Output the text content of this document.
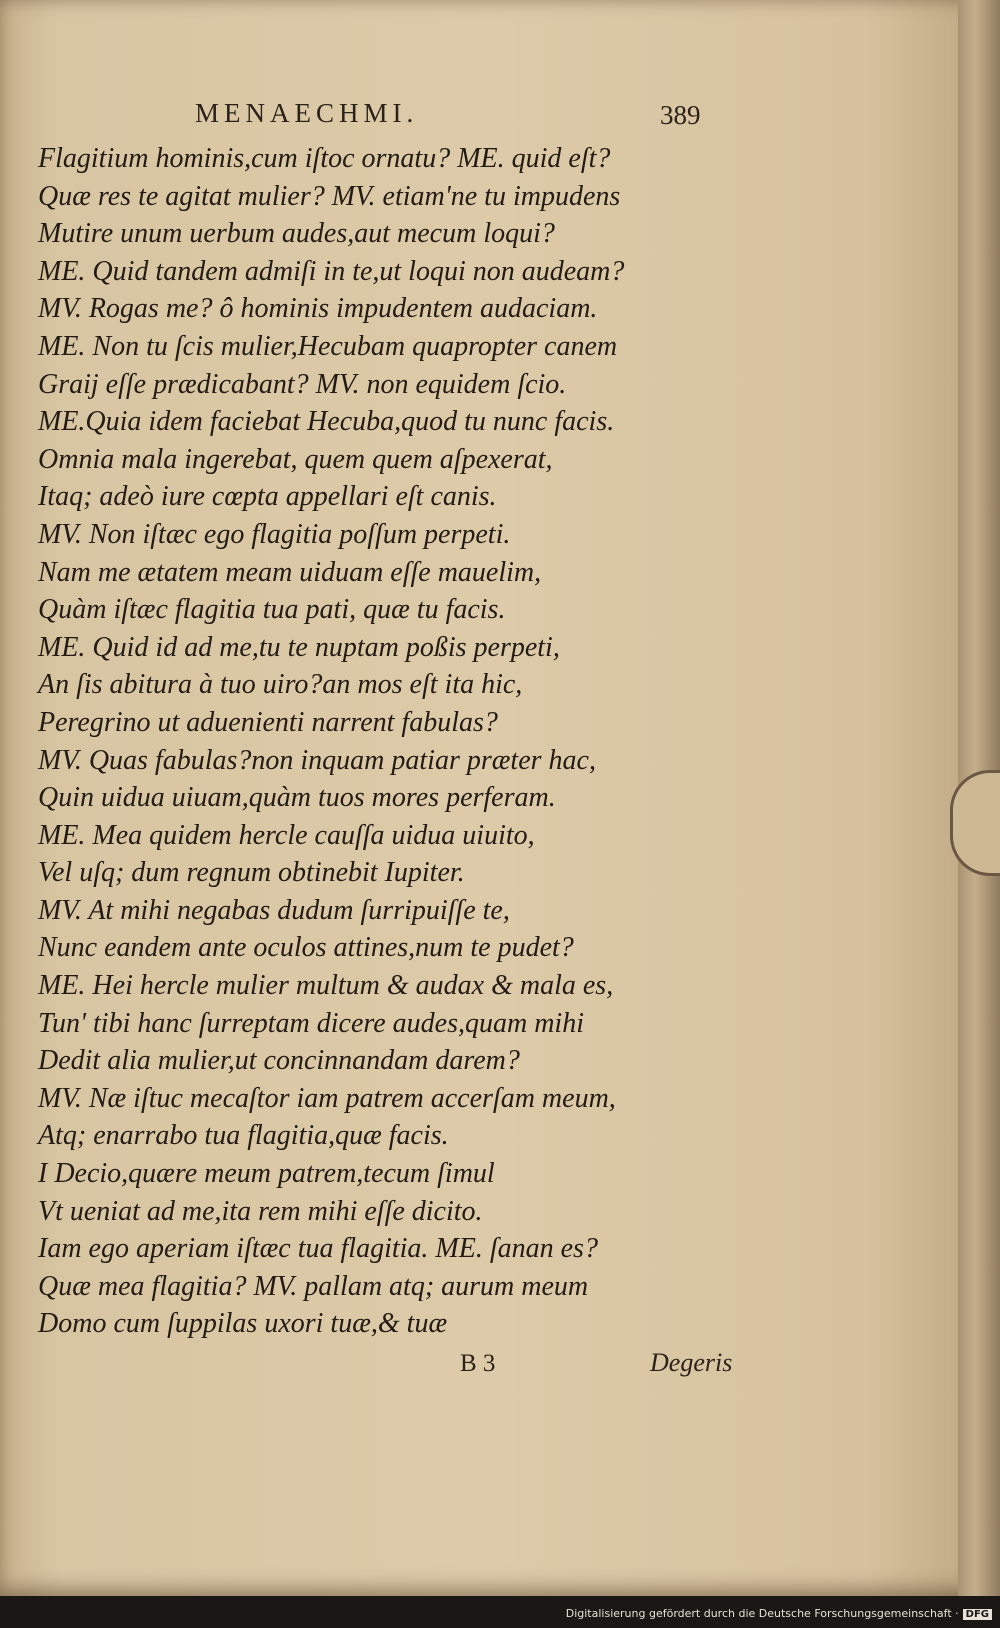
MENAECHMI.	389
Flagitium hominis,cum iſtoc ornatu? ME. quid eſt?
Quæ res te agitat mulier? MV. etiam'ne tu impudens
Mutire unum uerbum audes,aut mecum loqui?
ME. Quid tandem admiſi in te,ut loqui non audeam?
MV. Rogas me? ô hominis impudentem audaciam.
ME. Non tu ſcis mulier,Hecubam quapropter canem
Graij eſſe prædicabant? MV. non equidem ſcio.
ME.Quia idem faciebat Hecuba,quod tu nunc facis.
Omnia mala ingerebat, quem quem aſpexerat,
Itaq; adeò iure cœpta appellari eſt canis.
MV. Non iſtæc ego flagitia poſſum perpeti.
Nam me ætatem meam uiduam eſſe mauelim,
Quàm iſtæc flagitia tua pati, quæ tu facis.
ME. Quid id ad me,tu te nuptam poßis perpeti,
An ſis abitura à tuo uiro?an mos eſt ita hic,
Peregrino ut aduenienti narrent fabulas?
MV. Quas fabulas?non inquam patiar præter hac,
Quin uidua uiuam,quàm tuos mores perferam.
ME. Mea quidem hercle cauſſa uidua uiuito,
Vel uſq; dum regnum obtinebit Iupiter.
MV. At mihi negabas dudum ſurripuiſſe te,
Nunc eandem ante oculos attines,num te pudet?
ME. Hei hercle mulier multum & audax & mala es,
Tun' tibi hanc ſurreptam dicere audes,quam mihi
Dedit alia mulier,ut concinnandam darem?
MV. Næ iſtuc mecaſtor iam patrem accerſam meum,
Atq; enarrabo tua flagitia,quæ facis.
I Decio,quære meum patrem,tecum ſimul
Vt ueniat ad me,ita rem mihi eſſe dicito.
Iam ego aperiam iſtæc tua flagitia. ME. ſanan es?
Quæ mea flagitia? MV. pallam atq; aurum meum
Domo cum ſuppilas uxori tuæ,& tuæ
B 3	Degeris
Digitalisierung gefördert durch die Deutsche Forschungsgemeinschaft · DFG
